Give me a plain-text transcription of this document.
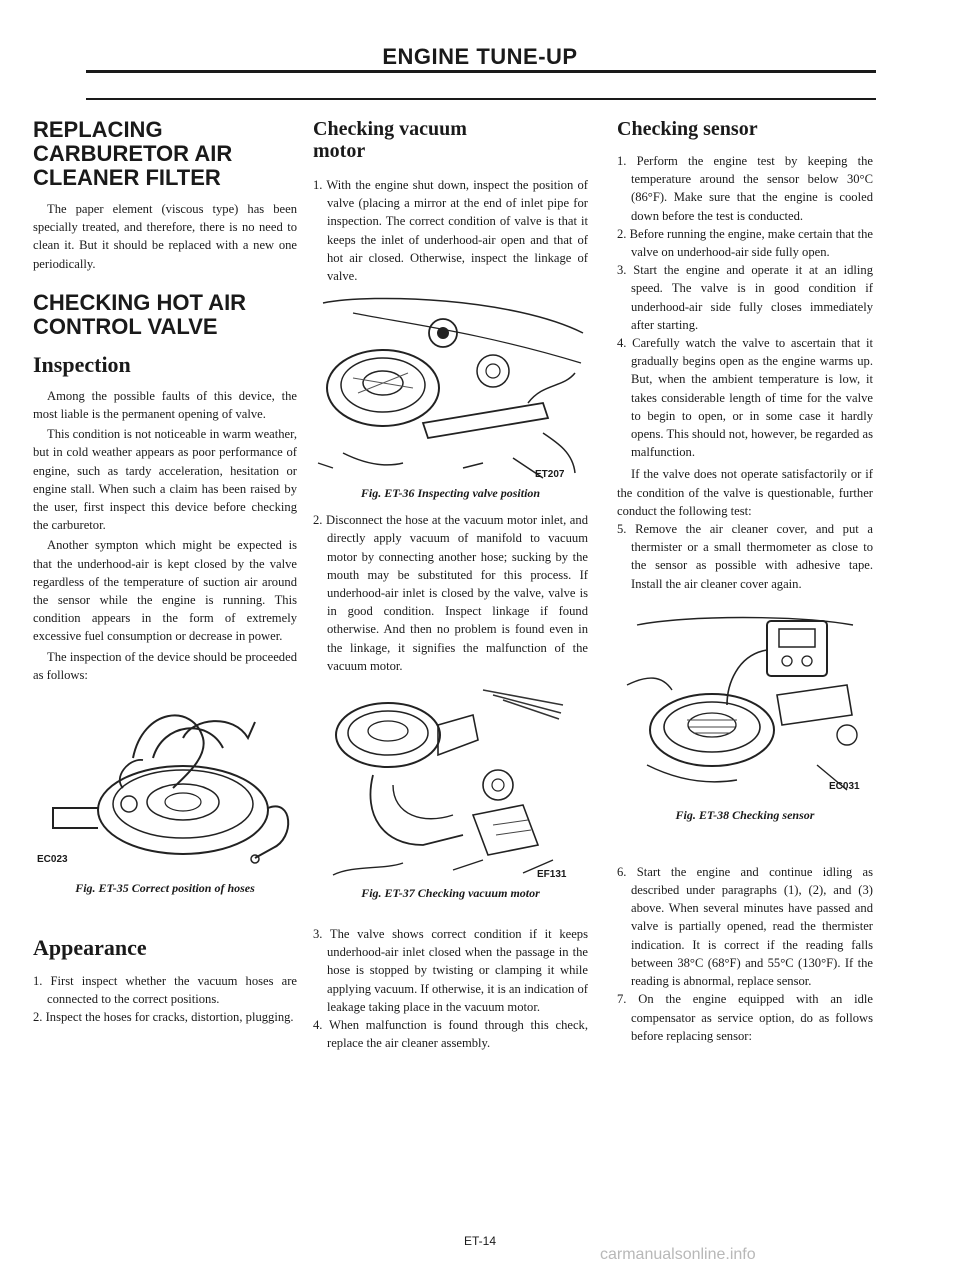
ENGINE TUNE-UP
REPLACING CARBURETOR AIR CLEANER FILTER

The paper element (viscous type) has been specially treated, and therefore, there is no need to clean it. But it should be replaced with a new one periodically.

CHECKING HOT AIR CONTROL VALVE
Inspection

Among the possible faults of this device, the most liable is the permanent opening of valve.

This condition is not noticeable in warm weather, but in cold weather appears as poor performance of engine, such as tardy acceleration, hesitation or engine stall. When such a claim has been raised by the user, first inspect this device before checking the carburetor.

Another sympton which might be expected is that the underhood-air is kept closed by the valve regardless of the temperature of suction air around the sensor while the engine is running. This condition appears in the form of extremely excessive fuel consumption or decrease in power.

The inspection of the device should be proceeded as follows:

EC023
Fig. ET-35 Correct position of hoses
Appearance

1. First inspect whether the vacuum hoses are connected to the correct positions.

2. Inspect the hoses for cracks, distortion, plugging.

Checking vacuum motor

1. With the engine shut down, inspect the position of valve (placing a mirror at the end of inlet pipe for inspection. The correct condition of valve is that it keeps the inlet of underhood-air open and that of hot air closed. Otherwise, inspect the linkage of valve.

ET207
Fig. ET-36 Inspecting valve position

2. Disconnect the hose at the vacuum motor inlet, and directly apply vacuum of manifold to vacuum motor by connecting another hose; sucking by the mouth may be substituted for this process. If underhood-air inlet is closed by the valve, valve is in good condition. Inspect linkage if found otherwise. And then no problem is found even in the linkage, it signifies the malfunction of the vacuum motor.

EF131
Fig. ET-37 Checking vacuum motor

3. The valve shows correct condition if it keeps underhood-air inlet closed when the passage in the hose is stopped by twisting or clamping it while applying vacuum. If otherwise, it is an indication of leakage taking place in the vacuum motor.

4. When malfunction is found through this check, replace the air cleaner assembly.

Checking sensor

1. Perform the engine test by keeping the temperature around the sensor below 30°C (86°F). Make sure that the engine is cooled down before the test is conducted.

2. Before running the engine, make certain that the valve on underhood-air side fully open.

3. Start the engine and operate it at an idling speed. The valve is in good condition if underhood-air side fully closes immediately after starting.

4. Carefully watch the valve to ascertain that it gradually begins open as the engine warms up. But, when the ambient temperature is low, it takes considerable length of time for the valve to begin to open, or in some case it hardly opens. This should not, however, be regarded as malfunction.

If the valve does not operate satisfactorily or if the condition of the valve is questionable, further conduct the following test:

5. Remove the air cleaner cover, and put a thermister or a small thermometer as close to the sensor as possible with adhesive tape. Install the air cleaner cover again.

EC031
Fig. ET-38 Checking sensor

6. Start the engine and continue idling as described under paragraphs (1), (2), and (3) above. When several minutes have passed and valve is partially opened, read the thermister indication. It is correct if the reading falls between 38°C (68°F) and 55°C (130°F). If the reading is abnormal, replace sensor.

7. On the engine equipped with an idle compensator as service option, do as follows before replacing sensor:

ET-14
carmanualsonline.info
